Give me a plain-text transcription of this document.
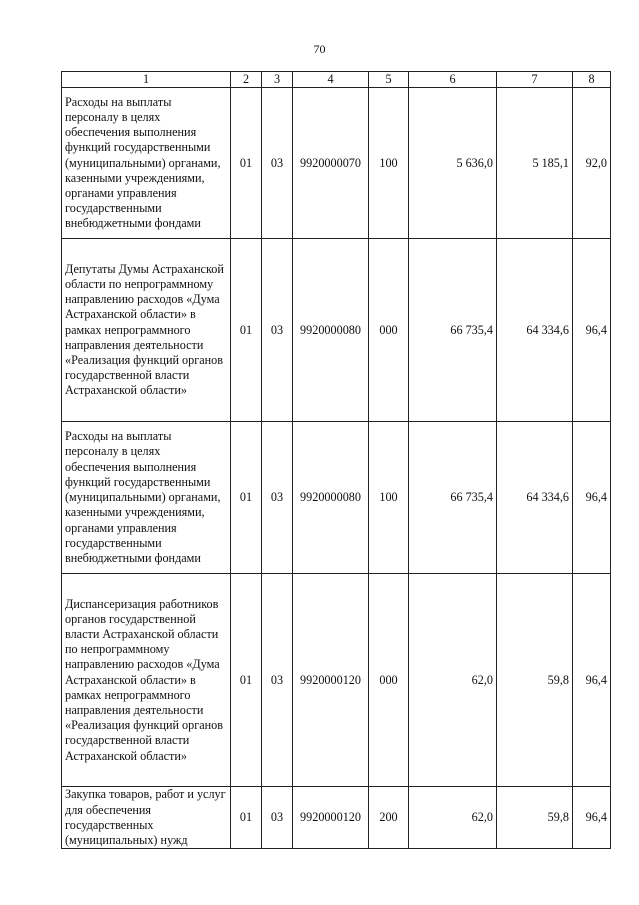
70
1	2	3	4	5	6	7	8
Расходы на выплаты персоналу в целях обеспечения выполнения функций государственными (муниципальными) органами, казенными учреждениями, органами управления государственными внебюджетными фондами	01	03	9920000070	100	5 636,0	5 185,1	92,0
Депутаты Думы Астраханской области по непрограммному направлению расходов «Дума Астраханской области» в рамках непрограммного направления деятельности «Реализация функций органов государственной власти Астраханской области»	01	03	9920000080	000	66 735,4	64 334,6	96,4
Расходы на выплаты персоналу в целях обеспечения выполнения функций государственными (муниципальными) органами, казенными учреждениями, органами управления государственными внебюджетными фондами	01	03	9920000080	100	66 735,4	64 334,6	96,4
Диспансеризация работников органов государственной власти Астраханской области по непрограммному направлению расходов «Дума Астраханской области» в рамках непрограммного направления деятельности «Реализация функций органов государственной власти Астраханской области»	01	03	9920000120	000	62,0	59,8	96,4
Закупка товаров, работ и услуг для обеспечения государственных (муниципальных) нужд	01	03	9920000120	200	62,0	59,8	96,4
